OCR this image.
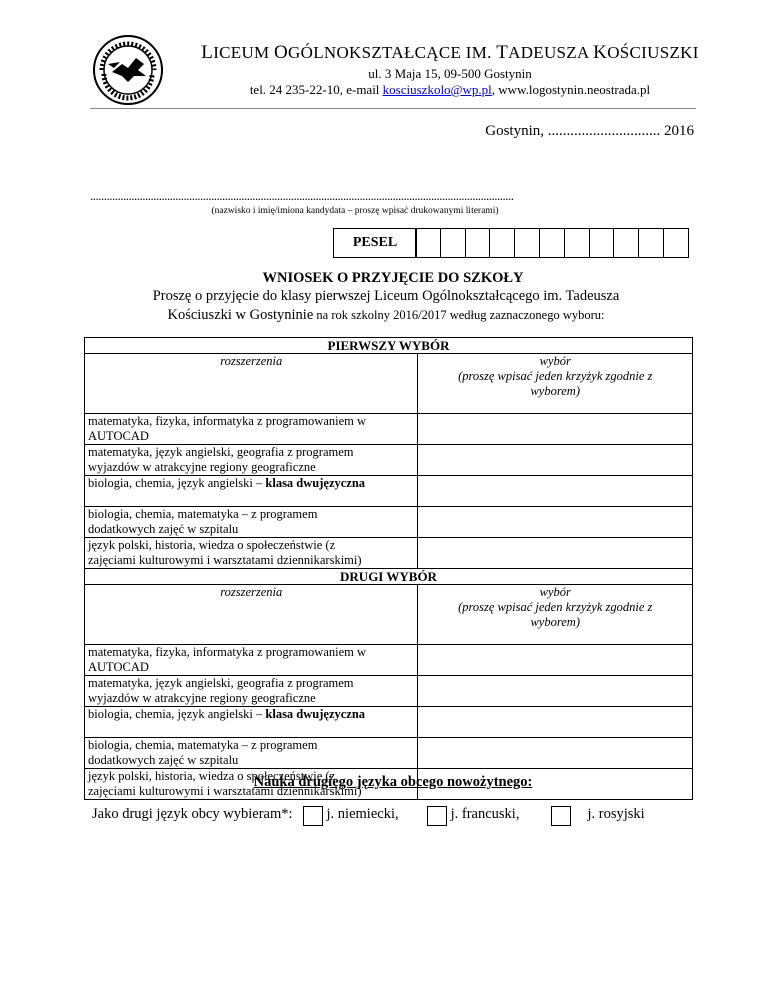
LICEUM OGÓLNOKSZTAŁCĄCE IM. TADEUSZA KOŚCIUSZKI
ul. 3 Maja 15, 09-500 Gostynin
tel. 24 235-22-10, e-mail kosciuszkolo@wp.pl, www.logostynin.neostrada.pl
Gostynin, .............................. 2016
..........................................................................................................................................................
(nazwisko i imię/imiona kandydata – proszę wpisać drukowanymi literami)
PESEL
WNIOSEK O PRZYJĘCIE DO SZKOŁY
Proszę o przyjęcie do klasy pierwszej Liceum Ogólnokształcącego im. Tadeusza
Kościuszki w Gostyninie na rok szkolny 2016/2017 według zaznaczonego wyboru:
PIERWSZY WYBÓR	
rozszerzenia	wybór
(proszę wpisać jeden krzyżyk zgodnie z
wyborem)

matematyka, fizyka, informatyka z programowaniem w
AUTOCAD	

matematyka, język angielski, geografia z programem
wyjazdów w atrakcyjne regiony geograficzne	

biologia, chemia, język angielski – klasa dwujęzyczna	

biologia, chemia, matematyka – z programem
dodatkowych zajęć w szpitalu	

język polski, historia, wiedza o społeczeństwie (z
zajęciami kulturowymi i warsztatami dziennikarskimi)	

DRUGI WYBÓR	
rozszerzenia	wybór
(proszę wpisać jeden krzyżyk zgodnie z
wyborem)

matematyka, fizyka, informatyka z programowaniem w
AUTOCAD	

matematyka, język angielski, geografia z programem
wyjazdów w atrakcyjne regiony geograficzne	

biologia, chemia, język angielski – klasa dwujęzyczna	

biologia, chemia, matematyka – z programem
dodatkowych zajęć w szpitalu	

język polski, historia, wiedza o społeczeństwie (z
zajęciami kulturowymi i warsztatami dziennikarskimi)	

Nauka drugiego języka obcego nowożytnego:
Jako drugi język obcy wybieram*: j. niemiecki,	j. francuski,	j. rosyjski
